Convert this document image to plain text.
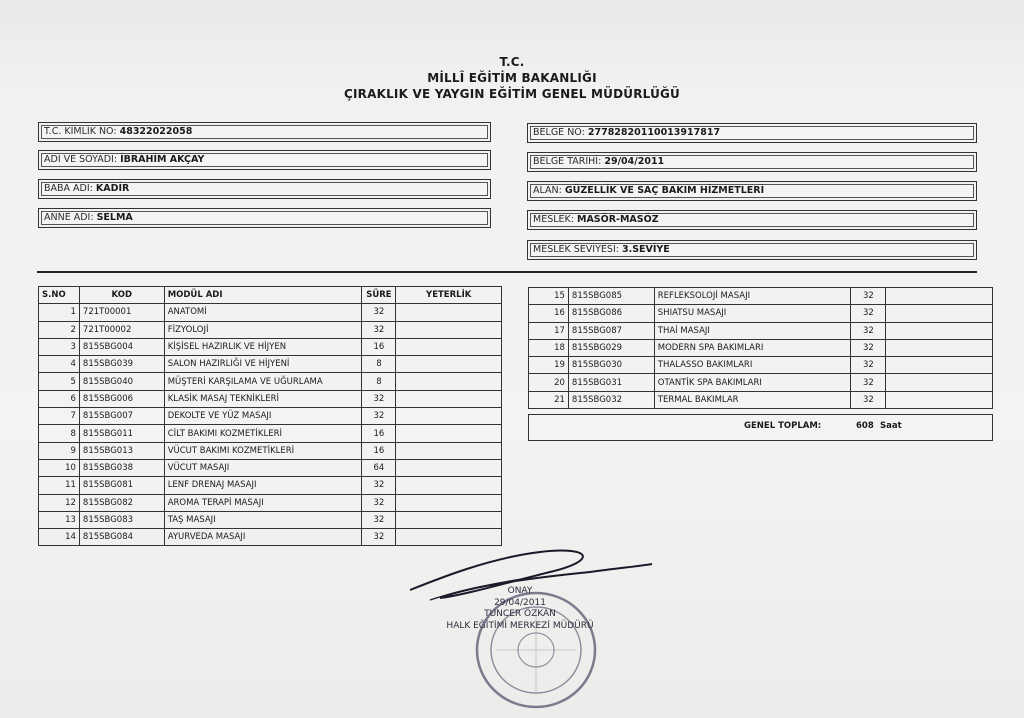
T.C.
MİLLÎ EĞİTİM BAKANLIĞI
ÇIRAKLIK VE YAYGIN EĞİTİM GENEL MÜDÜRLÜĞÜ
T.C. KİMLİK NO: 48322022058
ADI VE SOYADI: İBRAHİM AKÇAY
BABA ADI: KADİR
ANNE ADI: SELMA
BELGE NO: 27782820110013917817
BELGE TARİHİ: 29/04/2011
ALAN: GÜZELLİK VE SAÇ BAKIM HİZMETLERİ
MESLEK: MASÖR-MASÖZ
MESLEK SEVİYESİ: 3.SEVİYE
S.NO	KOD	MODÜL ADI	SÜRE	YETERLİK
1	721T00001	ANATOMİ	32	
2	721T00002	FİZYOLOJİ	32	
3	815SBG004	KİŞİSEL HAZIRLIK VE HİJYEN	16	
4	815SBG039	SALON HAZIRLIĞI VE HİJYENİ	8	
5	815SBG040	MÜŞTERİ KARŞILAMA VE UĞURLAMA	8	
6	815SBG006	KLASİK MASAJ TEKNİKLERİ	32	
7	815SBG007	DEKOLTE VE YÜZ MASAJI	32	
8	815SBG011	CİLT BAKIMI KOZMETİKLERİ	16	
9	815SBG013	VÜCUT BAKIMI KOZMETİKLERİ	16	
10	815SBG038	VÜCUT MASAJI	64	
11	815SBG081	LENF DRENAJ MASAJI	32	
12	815SBG082	AROMA TERAPİ MASAJI	32	
13	815SBG083	TAŞ MASAJI	32	
14	815SBG084	AYURVEDA MASAJI	32	
15	815SBG085	REFLEKSOLOJİ MASAJI	32	
16	815SBG086	SHIATSU MASAJI	32	
17	815SBG087	THAİ MASAJI	32	
18	815SBG029	MODERN SPA BAKIMLARI	32	
19	815SBG030	THALASSO BAKIMLARI	32	
20	815SBG031	OTANTİK SPA BAKIMLARI	32	
21	815SBG032	TERMAL BAKIMLAR	32	
GENEL TOPLAM:	608 Saat
ONAY
29/04/2011
TUNCER ÖZKAN
HALK EĞİTİMİ MERKEZİ MÜDÜRÜ
